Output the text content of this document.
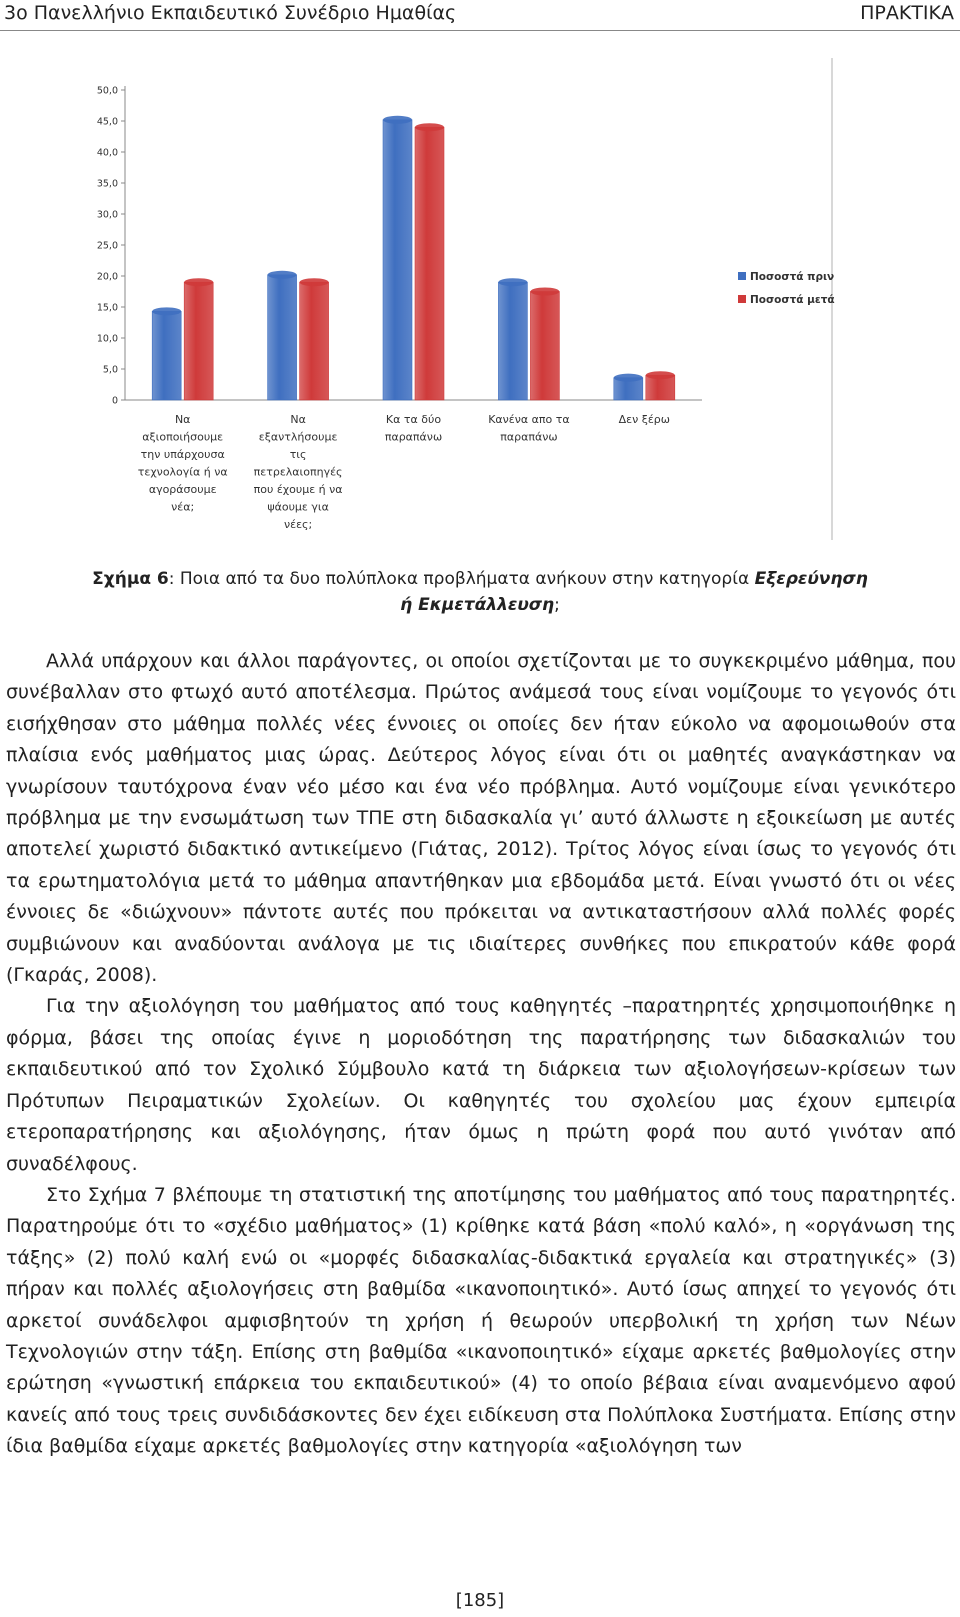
3ο Πανελλήνιο Εκπαιδευτικό Συνέδριο Ημαθίας	ΠΡΑΚΤΙΚΑ
0
5,0
10,0
15,0
20,0
25,0
30,0
35,0
40,0
45,0
50,0
Να
αξιοποιήσουμε
την υπάρχουσα
τεχνολογία ή να
αγοράσουμε
νέα;
Να
εξαντλήσουμε
τις
πετρελαιοπηγές
που έχουμε ή να
ψάουμε για
νέες;
Κα τα δύο
παραπάνω
Κανένα απο τα
παραπάνω
Δεν ξέρω
Ποσοστά πριν
Ποσοστά μετά
Σχήμα 6: Ποια από τα δυο πολύπλοκα προβλήματα ανήκουν στην κατηγορία Εξερεύνηση
ή Εκμετάλλευση;

Αλλά υπάρχουν και άλλοι παράγοντες, οι οποίοι σχετίζονται με το συγκεκριμένο μάθημα, που συνέβαλλαν στο φτωχό αυτό αποτέλεσμα. Πρώτος ανάμεσά τους είναι νομίζουμε το γεγονός ότι εισήχθησαν στο μάθημα πολλές νέες έννοιες οι οποίες δεν ήταν εύκολο να αφομοιωθούν στα πλαίσια ενός μαθήματος μιας ώρας. Δεύτερος λόγος είναι ότι οι μαθητές αναγκάστηκαν να γνωρίσουν ταυτόχρονα έναν νέο μέσο και ένα νέο πρόβλημα. Αυτό νομίζουμε είναι γενικότερο πρόβλημα με την ενσωμάτωση των ΤΠΕ στη διδασκαλία γι’ αυτό άλλωστε η εξοικείωση με αυτές αποτελεί χωριστό διδακτικό αντικείμενο (Γιάτας, 2012). Τρίτος λόγος είναι ίσως το γεγονός ότι τα ερωτηματολόγια μετά το μάθημα απαντήθηκαν μια εβδομάδα μετά. Είναι γνωστό ότι οι νέες έννοιες δε «διώχνουν» πάντοτε αυτές που πρόκειται να αντικαταστήσουν αλλά πολλές φορές συμβιώνουν και αναδύονται ανάλογα με τις ιδιαίτερες συνθήκες που επικρατούν κάθε φορά (Γκαράς, 2008).

Για την αξιολόγηση του μαθήματος από τους καθηγητές –παρατηρητές χρησιμοποιήθηκε η φόρμα, βάσει της οποίας έγινε η μοριοδότηση της παρατήρησης των διδασκαλιών του εκπαιδευτικού από τον Σχολικό Σύμβουλο κατά τη διάρκεια των αξιολογήσεων-κρίσεων των Πρότυπων Πειραματικών Σχολείων. Οι καθηγητές του σχολείου μας έχουν εμπειρία ετεροπαρατήρησης και αξιολόγησης, ήταν όμως η πρώτη φορά που αυτό γινόταν από συναδέλφους.

Στο Σχήμα 7 βλέπουμε τη στατιστική της αποτίμησης του μαθήματος από τους παρατηρητές. Παρατηρούμε ότι το «σχέδιο μαθήματος» (1) κρίθηκε κατά βάση «πολύ καλό», η «οργάνωση της τάξης» (2) πολύ καλή ενώ οι «μορφές διδασκαλίας-διδακτικά εργαλεία και στρατηγικές» (3) πήραν και πολλές αξιολογήσεις στη βαθμίδα «ικανοποιητικό». Αυτό ίσως απηχεί το γεγονός ότι αρκετοί συνάδελφοι αμφισβητούν τη χρήση ή θεωρούν υπερβολική τη χρήση των Νέων Τεχνολογιών στην τάξη. Επίσης στη βαθμίδα «ικανοποιητικό» είχαμε αρκετές βαθμολογίες στην ερώτηση «γνωστική επάρκεια του εκπαιδευτικού» (4) το οποίο βέβαια είναι αναμενόμενο αφού κανείς από τους τρεις συνδιδάσκοντες δεν έχει ειδίκευση στα Πολύπλοκα Συστήματα. Επίσης στην ίδια βαθμίδα είχαμε αρκετές βαθμολογίες στην κατηγορία «αξιολόγηση των

[185]
